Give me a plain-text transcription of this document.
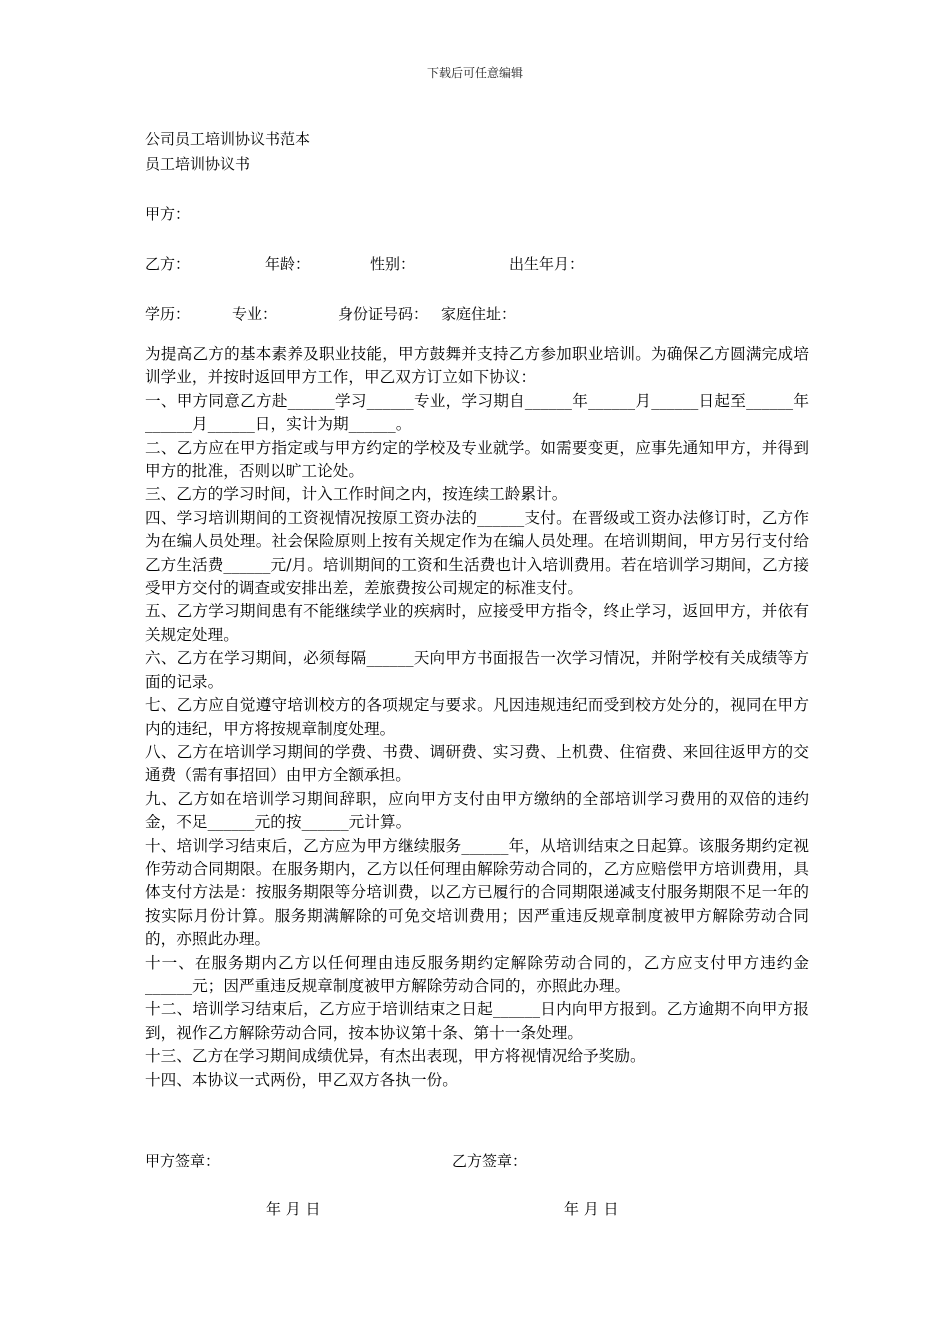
下载后可任意编辑
公司员工培训协议书范本
员工培训协议书
甲方：
乙方：	年龄：	性别：	出生年月：
学历：	专业：	身份证号码： 家庭住址：

为提高乙方的基本素养及职业技能，甲方鼓舞并支持乙方参加职业培训。为确保乙方圆满完成培训学业，并按时返回甲方工作，甲乙双方订立如下协议：

一、甲方同意乙方赴______学习______专业，学习期自______年______月______日起至______年______月______日，实计为期______。

二、乙方应在甲方指定或与甲方约定的学校及专业就学。如需要变更，应事先通知甲方，并得到甲方的批准，否则以旷工论处。

三、乙方的学习时间，计入工作时间之内，按连续工龄累计。

四、学习培训期间的工资视情况按原工资办法的______支付。在晋级或工资办法修订时，乙方作为在编人员处理。社会保险原则上按有关规定作为在编人员处理。在培训期间，甲方另行支付给乙方生活费______元/月。培训期间的工资和生活费也计入培训费用。若在培训学习期间，乙方接受甲方交付的调查或安排出差，差旅费按公司规定的标准支付。

五、乙方学习期间患有不能继续学业的疾病时，应接受甲方指令，终止学习，返回甲方，并依有关规定处理。

六、乙方在学习期间，必须每隔______天向甲方书面报告一次学习情况，并附学校有关成绩等方面的记录。

七、乙方应自觉遵守培训校方的各项规定与要求。凡因违规违纪而受到校方处分的，视同在甲方内的违纪，甲方将按规章制度处理。

八、乙方在培训学习期间的学费、书费、调研费、实习费、上机费、住宿费、来回往返甲方的交通费（需有事招回）由甲方全额承担。

九、乙方如在培训学习期间辞职，应向甲方支付由甲方缴纳的全部培训学习费用的双倍的违约金，不足______元的按______元计算。

十、培训学习结束后，乙方应为甲方继续服务______年，从培训结束之日起算。该服务期约定视作劳动合同期限。在服务期内，乙方以任何理由解除劳动合同的，乙方应赔偿甲方培训费用，具体支付方法是：按服务期限等分培训费，以乙方已履行的合同期限递减支付服务期限不足一年的按实际月份计算。服务期满解除的可免交培训费用；因严重违反规章制度被甲方解除劳动合同的，亦照此办理。

十一、在服务期内乙方以任何理由违反服务期约定解除劳动合同的，乙方应支付甲方违约金______元；因严重违反规章制度被甲方解除劳动合同的，亦照此办理。

十二、培训学习结束后，乙方应于培训结束之日起______日内向甲方报到。乙方逾期不向甲方报到，视作乙方解除劳动合同，按本协议第十条、第十一条处理。

十三、乙方在学习期间成绩优异，有杰出表现，甲方将视情况给予奖励。

十四、本协议一式两份，甲乙双方各执一份。

甲方签章：	乙方签章：
年 月 日	年 月 日
